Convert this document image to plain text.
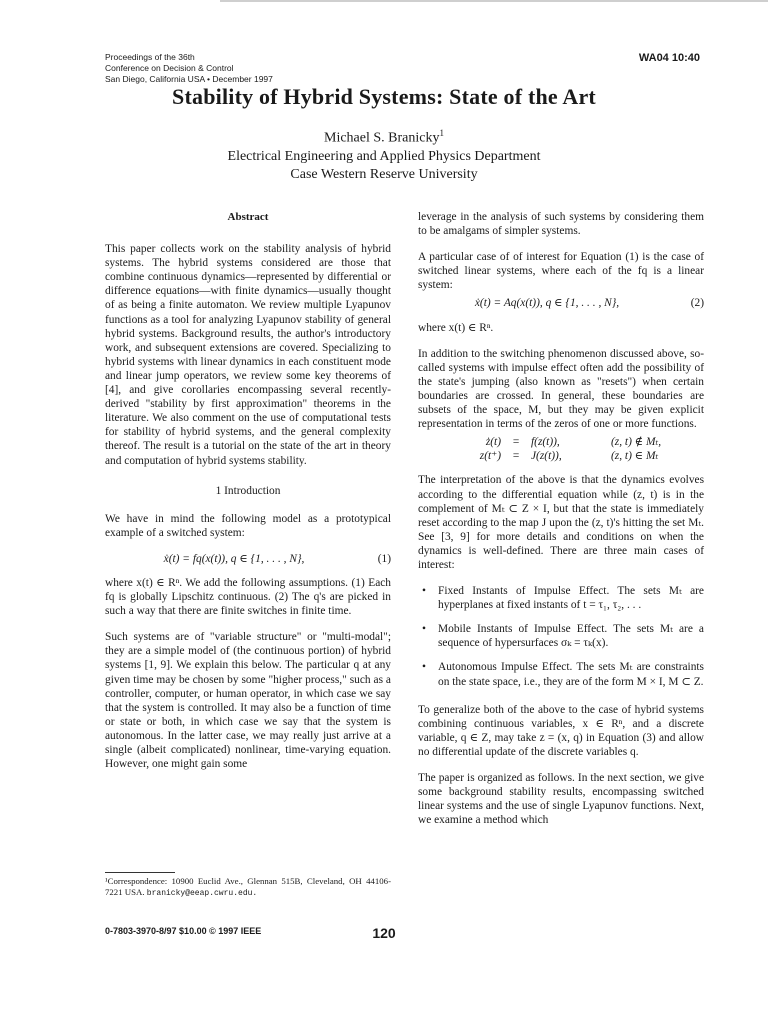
Proceedings of the 36th
Conference on Decision & Control
San Diego, California USA • December 1997
WA04 10:40
Stability of Hybrid Systems: State of the Art
Michael S. Branicky$^1$
Electrical Engineering and Applied Physics Department
Case Western Reserve University
Abstract

This paper collects work on the stability analysis of hybrid systems. The hybrid systems considered are those that combine continuous dynamics—represented by differential or difference equations—with finite dynamics—usually thought of as being a finite automaton. We review multiple Lyapunov functions as a tool for analyzing Lyapunov stability of general hybrid systems. Background results, the author's introductory work, and subsequent extensions are covered. Specializing to hybrid systems with linear dynamics in each constituent mode and linear jump operators, we review some key theorems of [4], and give corollaries encompassing several recently-derived "stability by first approximation" theorems in the literature. We also comment on the use of computational tests for stability of hybrid systems, and the general complexity thereof. The result is a tutorial on the state of the art in theory and computation of hybrid systems stability.

1 Introduction

We have in mind the following model as a prototypical example of a switched system:

ẋ(t) = fq(x(t)), q ∈ {1, . . . , N},	(1)

where x(t) ∈ Rⁿ. We add the following assumptions. (1) Each fq is globally Lipschitz continuous. (2) The q's are picked in such a way that there are finite switches in finite time.

Such systems are of "variable structure" or "multi-modal"; they are a simple model of (the continuous portion) of hybrid systems [1, 9]. We explain this below. The particular q at any given time may be chosen by some "higher process," such as a controller, computer, or human operator, in which case we say that the system is controlled. It may also be a function of time or state or both, in which case we say that the system is autonomous. In the latter case, we may really just arrive at a single (albeit complicated) nonlinear, time-varying equation. However, one might gain some

leverage in the analysis of such systems by considering them to be amalgams of simpler systems.

A particular case of of interest for Equation (1) is the case of switched linear systems, where each of the fq is a linear system:

ẋ(t) = Aq(x(t)), q ∈ {1, . . . , N},	(2)

where x(t) ∈ Rⁿ.

In addition to the switching phenomenon discussed above, so-called systems with impulse effect often add the possibility of the state's jumping (also known as "resets") when certain boundaries are crossed. In general, these boundaries are subsets of the space, M, but they may be given explicit representation in terms of the zeros of one or more functions.

ż(t) = f(z(t)),	(z, t) ∉ Mₜ,
z(t⁺) = J(z(t)),	(z, t) ∈ Mₜ

The interpretation of the above is that the dynamics evolves according to the differential equation while (z, t) is in the complement of Mₜ ⊂ Z × I, but that the state is immediately reset according to the map J upon the (z, t)'s hitting the set Mₜ. See [3, 9] for more details and conditions on when the dynamics is well-defined. There are three main cases of interest:

• Fixed Instants of Impulse Effect. The sets Mₜ are hyperplanes at fixed instants of t = τ₁, τ₂, . . .
• Mobile Instants of Impulse Effect. The sets Mₜ are a sequence of hypersurfaces σₖ = τₖ(x).
• Autonomous Impulse Effect. The sets Mₜ are constraints on the state space, i.e., they are of the form M × I, M ⊂ Z.

To generalize both of the above to the case of hybrid systems combining continuous variables, x ∈ Rⁿ, and a discrete variable, q ∈ Z, may take z = (x, q) in Equation (3) and allow no differential update of the discrete variables q.

The paper is organized as follows. In the next section, we give some background stability results, encompassing switched linear systems and the use of single Lyapunov functions. Next, we examine a method which

¹Correspondence: 10900 Euclid Ave., Glennan 515B, Cleveland, OH 44106-7221 USA. branicky@eeap.cwru.edu.
0-7803-3970-8/97 $10.00 © 1997 IEEE	120
